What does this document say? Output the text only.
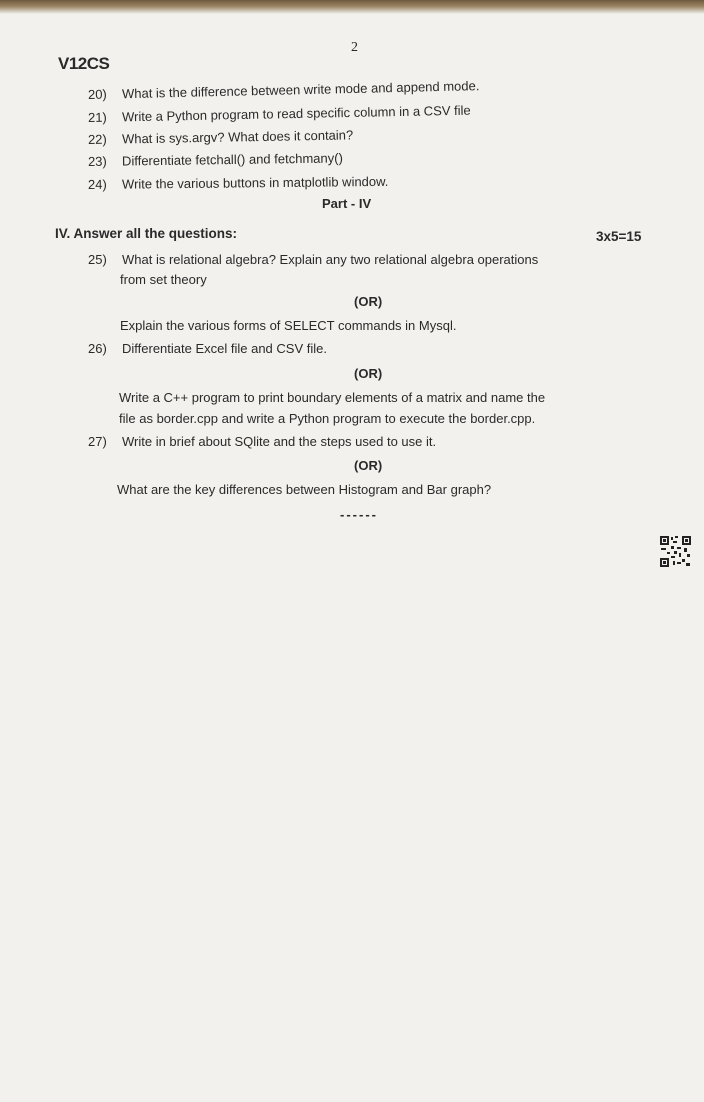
2
V12CS
20) What is the difference between write mode and append mode.
21) Write a Python program to read specific column in a CSV file
22) What is sys.argv? What does it contain?
23) Differentiate fetchall() and fetchmany()
24) Write the various buttons in matplotlib window.
Part - IV
IV. Answer all the questions:	3x5=15
25) What is relational algebra? Explain any two relational algebra operations
from set theory
(OR)
Explain the various forms of SELECT commands in Mysql.
26) Differentiate Excel file and CSV file.
(OR)
Write a C++ program to print boundary elements of a matrix and name the
file as border.cpp and write a Python program to execute the border.cpp.
27) Write in brief about SQlite and the steps used to use it.
(OR)
What are the key differences between Histogram and Bar graph?
------
